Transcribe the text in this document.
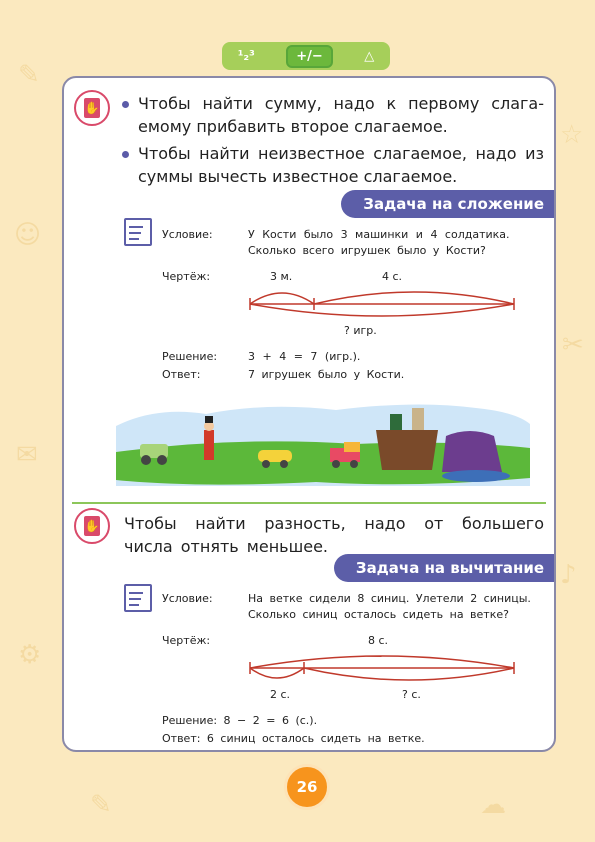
✎
☺
✉
⚙
☆
✂
♪
☁
✎
¹₂³	+/−	△
✋	Чтобы найти сумму, надо к первому слага-емому прибавить второе слагаемое.
Чтобы найти неизвестное слагаемое, надо из суммы вычесть известное слагаемое.
Задача на сложение
Условие:	У Кости было 3 машинки и 4 солдатика.
Сколько всего игрушек было у Кости?
Чертёж:	3 м.	4 с.
? игр.
Решение:	3 + 4 = 7 (игр.).
Ответ:	7 игрушек было у Кости.
✋ Чтобы найти разность, надо от большего числа отнять меньшее.
Задача на вычитание
Условие:	На ветке сидели 8 синиц. Улетели 2 синицы.
Сколько синиц осталось сидеть на ветке?
Чертёж:	8 с.
2 с.	? с.
Решение: 8 − 2 = 6 (с.).
Ответ: 6 синиц осталось сидеть на ветке.
26
